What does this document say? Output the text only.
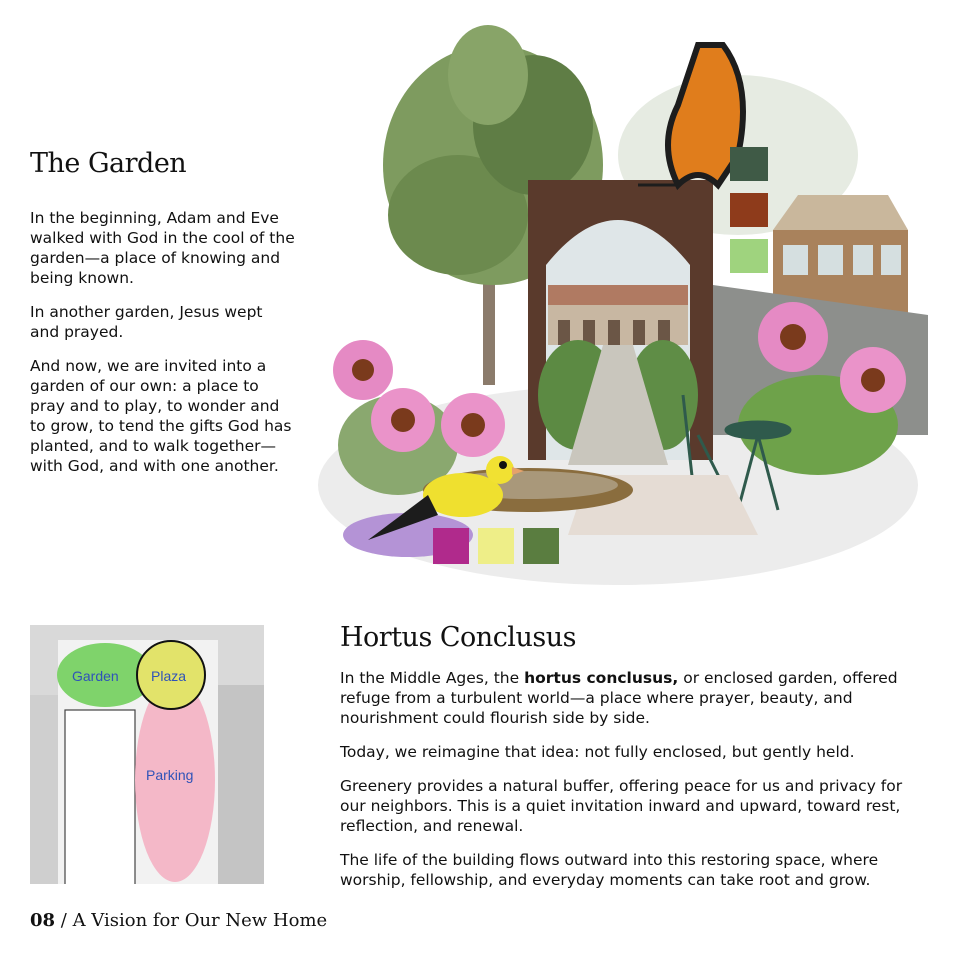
The Garden

In the beginning, Adam and Eve walked with God in the cool of the garden—a place of knowing and being known.

In another garden, Jesus wept and prayed.

And now, we are invited into a garden of our own: a place to pray and to play, to wonder and to grow, to tend the gifts God has planted, and to walk together—with God, and with one another.

Garden Plaza
Parking
Hortus Conclusus

In the Middle Ages, the hortus conclusus, or enclosed garden, offered refuge from a turbulent world—a place where prayer, beauty, and nourishment could flourish side by side.

Today, we reimagine that idea: not fully enclosed, but gently held.

Greenery provides a natural buffer, offering peace for us and privacy for our neighbors. This is a quiet invitation inward and upward, toward rest, reflection, and renewal.

The life of the building flows outward into this restoring space, where worship, fellowship, and everyday moments can take root and grow.

08 / A Vision for Our New Home
